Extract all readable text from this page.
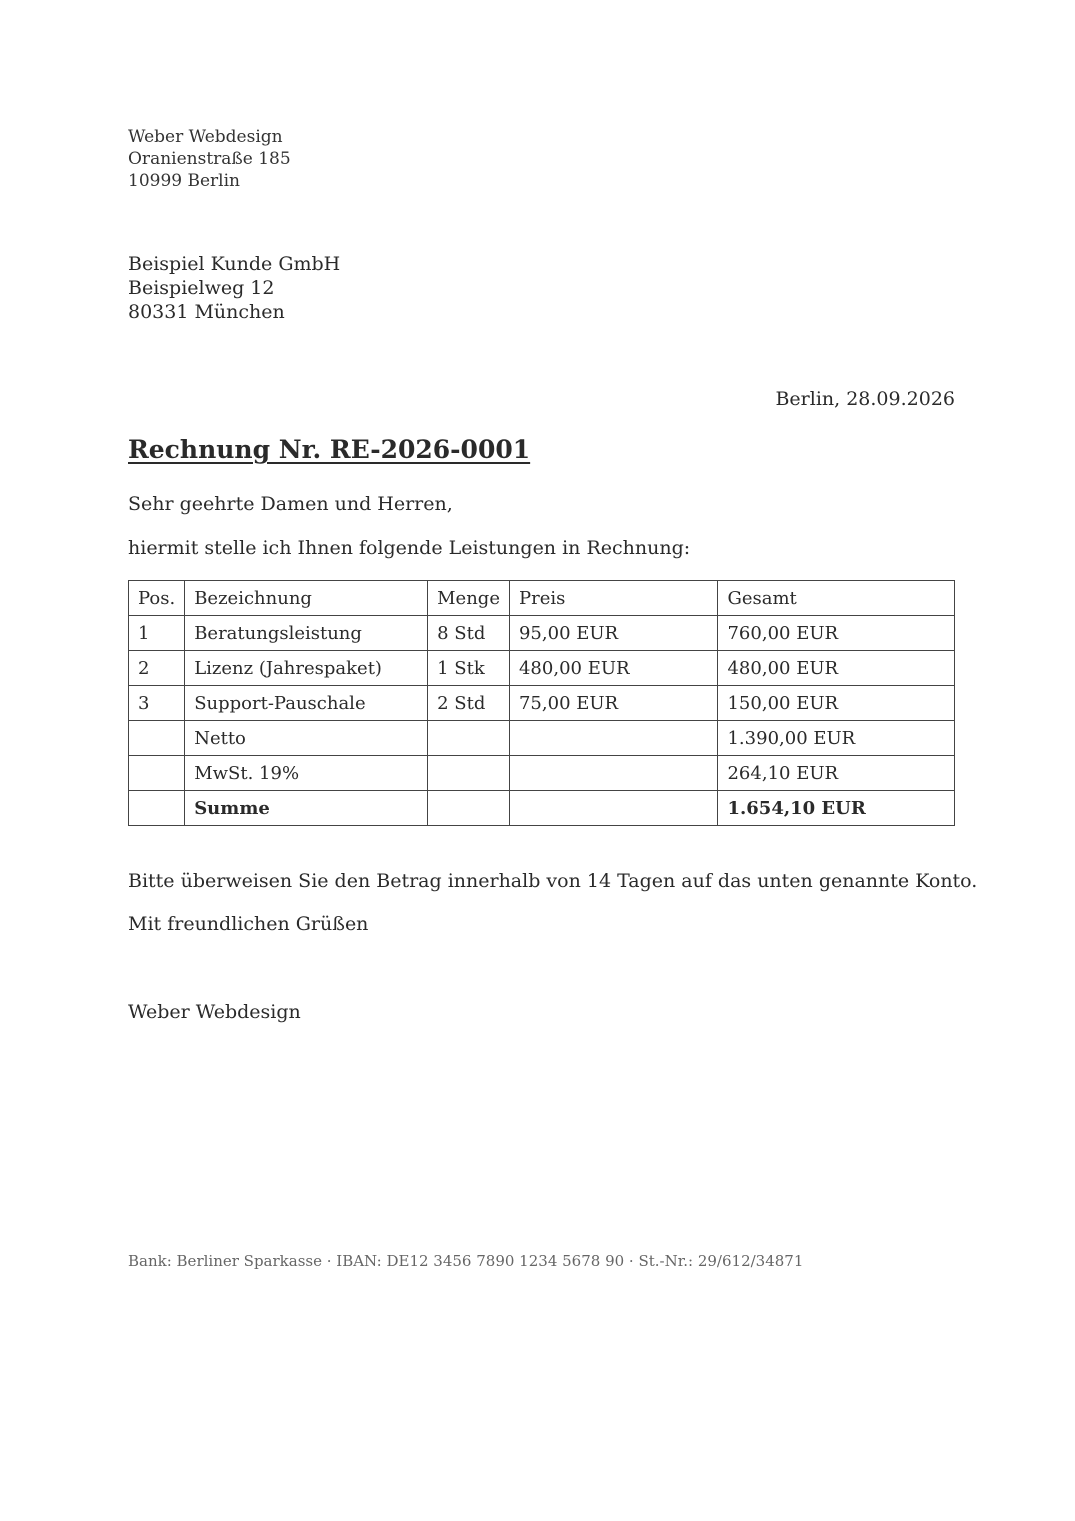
Weber Webdesign
Oranienstraße 185
10999 Berlin
Beispiel Kunde GmbH
Beispielweg 12
80331 München
Berlin, 28.09.2026
Rechnung Nr. RE-2026-0001

Sehr geehrte Damen und Herren,

hiermit stelle ich Ihnen folgende Leistungen in Rechnung:

Pos.	Bezeichnung	Menge	Preis	Gesamt
1	Beratungsleistung	8 Std	95,00 EUR	760,00 EUR
2	Lizenz (Jahrespaket)	1 Stk	480,00 EUR	480,00 EUR
3	Support-Pauschale	2 Std	75,00 EUR	150,00 EUR
	Netto			1.390,00 EUR
	MwSt. 19%			264,10 EUR
	Summe			1.654,10 EUR

Bitte überweisen Sie den Betrag innerhalb von 14 Tagen auf das unten genannte Konto.

Mit freundlichen Grüßen

Weber Webdesign

Bank: Berliner Sparkasse · IBAN: DE12 3456 7890 1234 5678 90 · St.-Nr.: 29/612/34871
